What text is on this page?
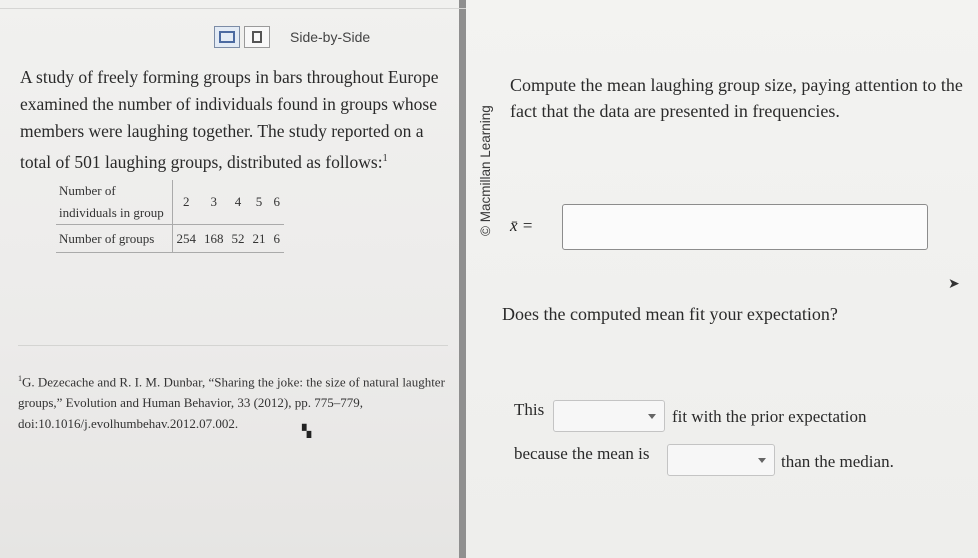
Side-by-Side
A study of freely forming groups in bars throughout Europe examined the number of individuals found in groups whose members were laughing together. The study reported on a total of 501 laughing groups, distributed as follows:$^1$
Number of individuals in group	2	3	4	5	6
Number of groups	254	168	52	21	6
$^1$G. Dezecache and R. I. M. Dunbar, “Sharing the joke: the size of natural laughter groups,” Evolution and Human Behavior, 33 (2012), pp. 775–779, doi:10.1016/j.evolhumbehav.2012.07.002.	▚
© Macmillan Learning
Compute the mean laughing group size, paying attention to the fact that the data are presented in frequencies.
x̄ =
Does the computed mean fit your expectation?
This	fit with the prior expectation
because the mean is	than the median.
➤
